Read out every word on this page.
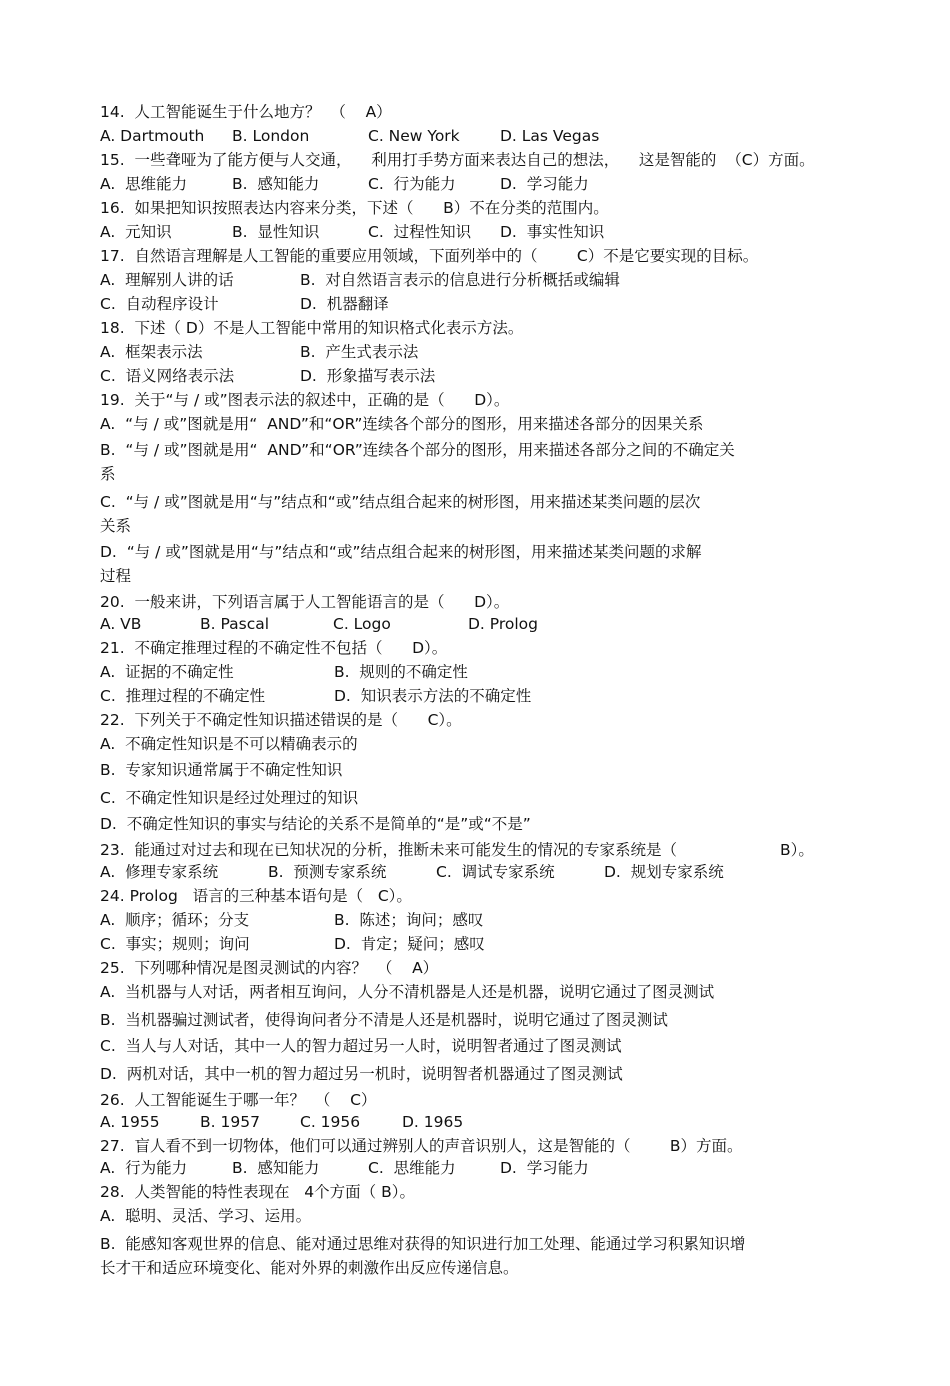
14.  人工智能诞生于什么地方？  （    A）
A. Dartmouth B. London	C. New York	D. Las Vegas
15.  一些聋哑为了能方便与人交通，    利用打手势方面来表达自己的想法，    这是智能的  （C）方面。
A.  思维能力	B.  感知能力	C.  行为能力	D.  学习能力
16.  如果把知识按照表达内容来分类，下述（      B）不在分类的范围内。
A.  元知识	B.  显性知识	C.  过程性知识 D.  事实性知识
17.  自然语言理解是人工智能的重要应用领域，下面列举中的（        C）不是它要实现的目标。
A.  理解别人讲的话	B.  对自然语言表示的信息进行分析概括或编辑
C.  自动程序设计	D.  机器翻译
18.  下述（ D）不是人工智能中常用的知识格式化表示方法。
A.  框架表示法	B.  产生式表示法
C.  语义网络表示法	D.  形象描写表示法
19.  关于“与 / 或”图表示法的叙述中，正确的是（      D）。
A.  “与 / 或”图就是用“  AND”和“OR”连续各个部分的图形，用来描述各部分的因果关系
B.  “与 / 或”图就是用“  AND”和“OR”连续各个部分的图形，用来描述各部分之间的不确定关
系
C.  “与 / 或”图就是用“与”结点和“或”结点组合起来的树形图，用来描述某类问题的层次
关系
D.  “与 / 或”图就是用“与”结点和“或”结点组合起来的树形图，用来描述某类问题的求解
过程
20.  一般来讲，下列语言属于人工智能语言的是（      D）。
A. VB	B. Pascal	C. Logo	D. Prolog
21.  不确定推理过程的不确定性不包括（      D）。
A.  证据的不确定性	B.  规则的不确定性
C.  推理过程的不确定性	D.  知识表示方法的不确定性
22.  下列关于不确定性知识描述错误的是（      C）。
A.  不确定性知识是不可以精确表示的
B.  专家知识通常属于不确定性知识
C.  不确定性知识是经过处理过的知识
D.  不确定性知识的事实与结论的关系不是简单的“是”或“不是”
23.  能通过对过去和现在已知状况的分析，推断未来可能发生的情况的专家系统是（	B）。
A.  修理专家系统	B.  预测专家系统	C.  调试专家系统	D.  规划专家系统
24. Prolog   语言的三种基本语句是（   C）。
A.  顺序；循环；分支	B.  陈述；询问；感叹
C.  事实；规则；询问	D.  肯定；疑问；感叹
25.  下列哪种情况是图灵测试的内容？  （    A）
A.  当机器与人对话，两者相互询问，人分不清机器是人还是机器，说明它通过了图灵测试
B.  当机器骗过测试者，使得询问者分不清是人还是机器时，说明它通过了图灵测试
C.  当人与人对话，其中一人的智力超过另一人时，说明智者通过了图灵测试
D.  两机对话，其中一机的智力超过另一机时，说明智者机器通过了图灵测试
26.  人工智能诞生于哪一年？  （    C）
A. 1955	B. 1957	C. 1956	D. 1965
27.  盲人看不到一切物体，他们可以通过辨别人的声音识别人，这是智能的（        B）方面。
A.  行为能力	B.  感知能力	C.  思维能力	D.  学习能力
28.  人类智能的特性表现在   4个方面（ B）。
A.  聪明、灵活、学习、运用。
B.  能感知客观世界的信息、能对通过思维对获得的知识进行加工处理、能通过学习积累知识增
长才干和适应环境变化、能对外界的刺激作出反应传递信息。
